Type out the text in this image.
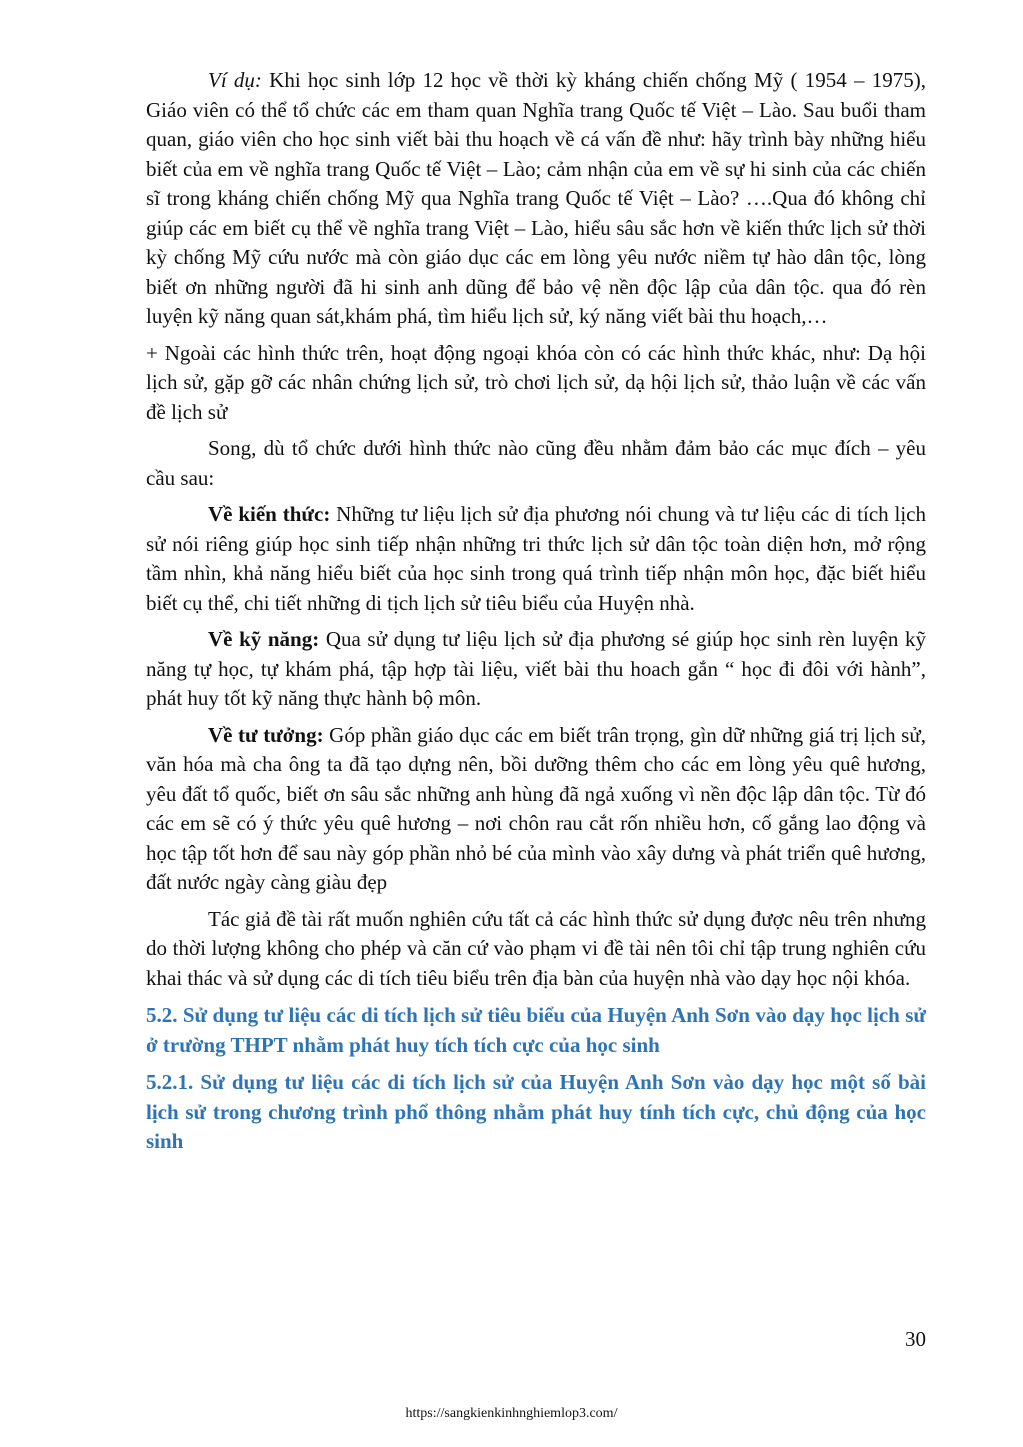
Ví dụ: Khi học sinh lớp 12 học về thời kỳ kháng chiến chống Mỹ ( 1954 – 1975), Giáo viên có thể tổ chức các em tham quan Nghĩa trang Quốc tế Việt – Lào. Sau buổi tham quan, giáo viên cho học sinh viết bài thu hoạch về cá vấn đề như: hãy trình bày những hiểu biết của em về nghĩa trang Quốc tế Việt – Lào; cảm nhận của em về sự hi sinh của các chiến sĩ trong kháng chiến chống Mỹ qua Nghĩa trang Quốc tế Việt – Lào? ….Qua đó không chỉ giúp các em biết cụ thể về nghĩa trang Việt – Lào, hiểu sâu sắc hơn về kiến thức lịch sử thời kỳ chống Mỹ cứu nước mà còn giáo dục các em lòng yêu nước niềm tự hào dân tộc, lòng biết ơn những người đã hi sinh anh dũng để bảo vệ nền độc lập của dân tộc. qua đó rèn luyện kỹ năng quan sát,khám phá, tìm hiểu lịch sử, ký năng viết bài thu hoạch,…

+ Ngoài các hình thức trên, hoạt động ngoại khóa còn có các hình thức khác, như: Dạ hội lịch sử, gặp gỡ các nhân chứng lịch sử, trò chơi lịch sử, dạ hội lịch sử, thảo luận về các vấn đề lịch sử

Song, dù tổ chức dưới hình thức nào cũng đều nhằm đảm bảo các mục đích – yêu cầu sau:

Về kiến thức: Những tư liệu lịch sử địa phương nói chung và tư liệu các di tích lịch sử nói riêng giúp học sinh tiếp nhận những tri thức lịch sử dân tộc toàn diện hơn, mở rộng tầm nhìn, khả năng hiểu biết của học sinh trong quá trình tiếp nhận môn học, đặc biết hiểu biết cụ thể, chi tiết những di tịch lịch sử tiêu biểu của Huyện nhà.

Về kỹ năng: Qua sử dụng tư liệu lịch sử địa phương sé giúp học sinh rèn luyện kỹ năng tự học, tự khám phá, tập hợp tài liệu, viết bài thu hoach gắn “ học đi đôi với hành”, phát huy tốt kỹ năng thực hành bộ môn.

Về tư tưởng: Góp phần giáo dục các em biết trân trọng, gìn dữ những giá trị lịch sử, văn hóa mà cha ông ta đã tạo dựng nên, bồi dưỡng thêm cho các em lòng yêu quê hương, yêu đất tổ quốc, biết ơn sâu sắc những anh hùng đã ngả xuống vì nền độc lập dân tộc. Từ đó các em sẽ có ý thức yêu quê hương – nơi chôn rau cắt rốn nhiều hơn, cố gắng lao động và học tập tốt hơn để sau này góp phần nhỏ bé của mình vào xây dưng và phát triển quê hương, đất nước ngày càng giàu đẹp

Tác giả đề tài rất muốn nghiên cứu tất cả các hình thức sử dụng được nêu trên nhưng do thời lượng không cho phép và căn cứ vào phạm vi đề tài nên tôi chỉ tập trung nghiên cứu khai thác và sử dụng các di tích tiêu biểu trên địa bàn của huyện nhà vào dạy học nội khóa.

5.2. Sử dụng tư liệu các di tích lịch sử tiêu biểu của Huyện Anh Sơn vào dạy học lịch sử ở trường THPT nhằm phát huy tích tích cực của học sinh

5.2.1. Sử dụng tư liệu các di tích lịch sử của Huyện Anh Sơn vào dạy học một số bài lịch sử trong chương trình phổ thông nhằm phát huy tính tích cực, chủ động của học sinh

30
https://sangkienkinhnghiemlop3.com/
